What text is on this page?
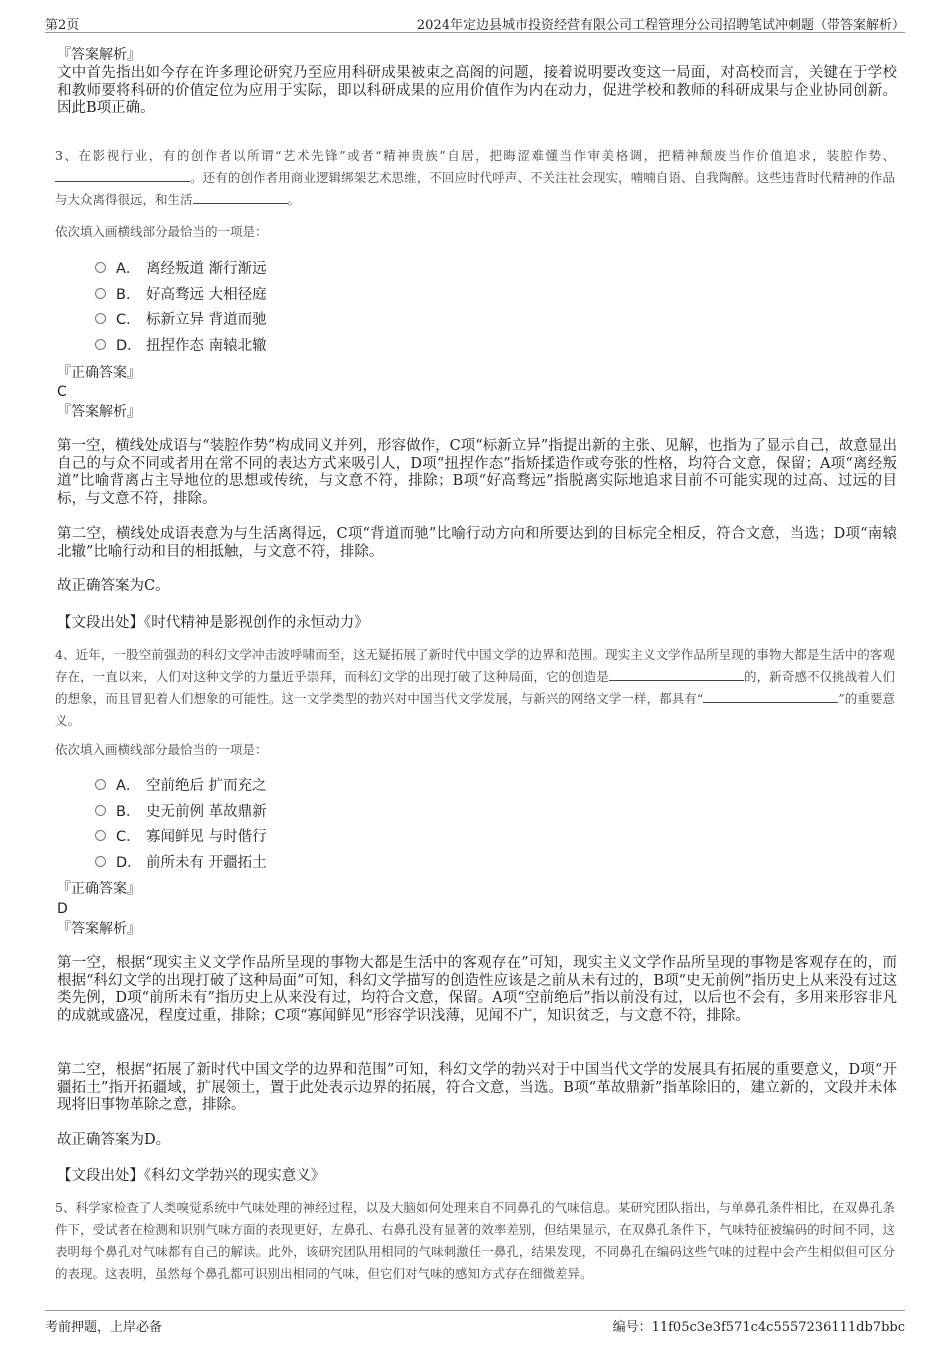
第2页	2024年定边县城市投资经营有限公司工程管理分公司招聘笔试冲刺题（带答案解析）
『答案解析』
文中首先指出如今存在许多理论研究乃至应用科研成果被束之高阁的问题，接着说明要改变这一局面，对高校而言，关键在于学校和教师要将科研的价值定位为应用于实际，即以科研成果的应用价值作为内在动力，促进学校和教师的科研成果与企业协同创新。因此B项正确。
3、在影视行业，有的创作者以所谓“艺术先锋”或者“精神贵族”自居，把晦涩难懂当作审美格调，把精神颓废当作价值追求，装腔作势、。还有的创作者用商业逻辑绑架艺术思维，不回应时代呼声、不关注社会现实，喃喃自语、自我陶醉。这些违背时代精神的作品与大众离得很远，和生活	。
依次填入画横线部分最恰当的一项是：
A． 离经叛道 渐行渐远
B． 好高骛远 大相径庭
C． 标新立异 背道而驰
D． 扭捏作态 南辕北辙
『正确答案』
C
『答案解析』
第一空，横线处成语与“装腔作势”构成同义并列，形容做作，C项“标新立异”指提出新的主张、见解，也指为了显示自己，故意显出自己的与众不同或者用在常不同的表达方式来吸引人，D项“扭捏作态”指矫揉造作或夸张的性格，均符合文意，保留；A项“离经叛道”比喻背离占主导地位的思想或传统，与文意不符，排除；B项“好高骛远”指脱离实际地追求目前不可能实现的过高、过远的目标，与文意不符，排除。
第二空，横线处成语表意为与生活离得远，C项“背道而驰”比喻行动方向和所要达到的目标完全相反，符合文意，当选；D项“南辕北辙”比喻行动和目的相抵触，与文意不符，排除。
故正确答案为C。
【文段出处】《时代精神是影视创作的永恒动力》
4、近年，一股空前强劲的科幻文学冲击波呼啸而至，这无疑拓展了新时代中国文学的边界和范围。现实主义文学作品所呈现的事物大都是生活中的客观存在，一直以来，人们对这种文学的力量近乎崇拜，而科幻文学的出现打破了这种局面，它的创造是	的，新奇感不仅挑战着人们的想象，而且冒犯着人们想象的可能性。这一文学类型的勃兴对中国当代文学发展，与新兴的网络文学一样，都具有“	”的重要意义。
依次填入画横线部分最恰当的一项是：
A． 空前绝后 扩而充之
B． 史无前例 革故鼎新
C． 寡闻鲜见 与时偕行
D． 前所未有 开疆拓土
『正确答案』
D
『答案解析』
第一空，根据“现实主义文学作品所呈现的事物大都是生活中的客观存在”可知，现实主义文学作品所呈现的事物是客观存在的，而根据“科幻文学的出现打破了这种局面”可知，科幻文学描写的创造性应该是之前从未有过的，B项“史无前例”指历史上从来没有过这类先例，D项“前所未有”指历史上从来没有过，均符合文意，保留。A项“空前绝后”指以前没有过，以后也不会有，多用来形容非凡的成就或盛况，程度过重，排除；C项“寡闻鲜见”形容学识浅薄，见闻不广，知识贫乏，与文意不符，排除。
第二空，根据“拓展了新时代中国文学的边界和范围”可知，科幻文学的勃兴对于中国当代文学的发展具有拓展的重要意义，D项“开疆拓土”指开拓疆域，扩展领土，置于此处表示边界的拓展，符合文意，当选。B项“革故鼎新”指革除旧的，建立新的，文段并未体现将旧事物革除之意，排除。
故正确答案为D。
【文段出处】《科幻文学勃兴的现实意义》
5、科学家检查了人类嗅觉系统中气味处理的神经过程，以及大脑如何处理来自不同鼻孔的气味信息。某研究团队指出，与单鼻孔条件相比，在双鼻孔条件下，受试者在检测和识别气味方面的表现更好，左鼻孔、右鼻孔没有显著的效率差别，但结果显示，在双鼻孔条件下，气味特征被编码的时间不同，这表明每个鼻孔对气味都有自己的解读。此外，该研究团队用相同的气味刺激任一鼻孔，结果发现，不同鼻孔在编码这些气味的过程中会产生相似但可区分的表现。这表明，虽然每个鼻孔都可识别出相同的气味，但它们对气味的感知方式存在细微差异。
考前押题，上岸必备	编号：11f05c3e3f571c4c5557236111db7bbc
